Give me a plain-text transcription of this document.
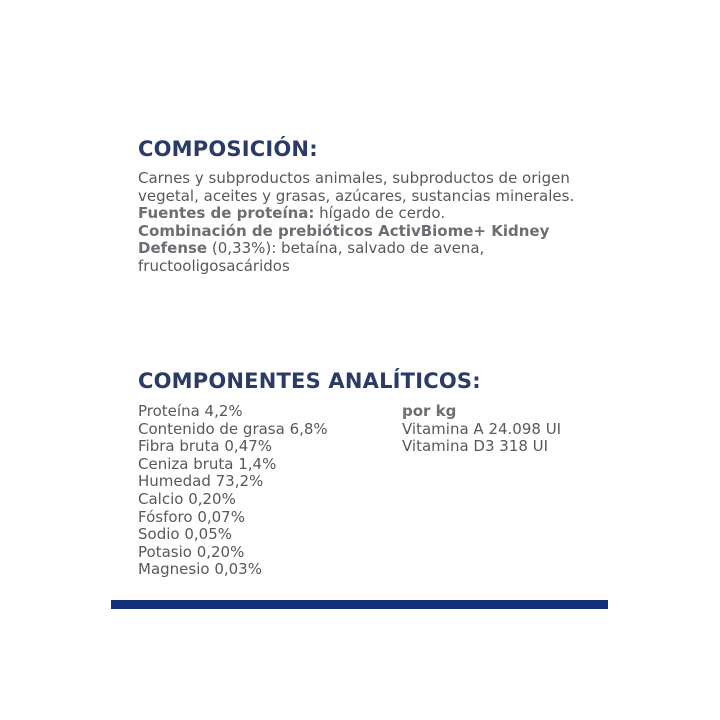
COMPOSICIÓN:

Carnes y subproductos animales, subproductos de origen vegetal, aceites y grasas, azúcares, sustancias minerales.

Fuentes de proteína: hígado de cerdo.

Combinación de prebióticos ActivBiome+ Kidney Defense (0,33%): betaína, salvado de avena, fructooligosacáridos

COMPONENTES ANALÍTICOS:
Proteína 4,2%
Contenido de grasa 6,8%
Fibra bruta 0,47%
Ceniza bruta 1,4%
Humedad 73,2%
Calcio 0,20%
Fósforo 0,07%
Sodio 0,05%
Potasio 0,20%
Magnesio 0,03%
por kg
Vitamina A 24.098 UI
Vitamina D3 318 UI
